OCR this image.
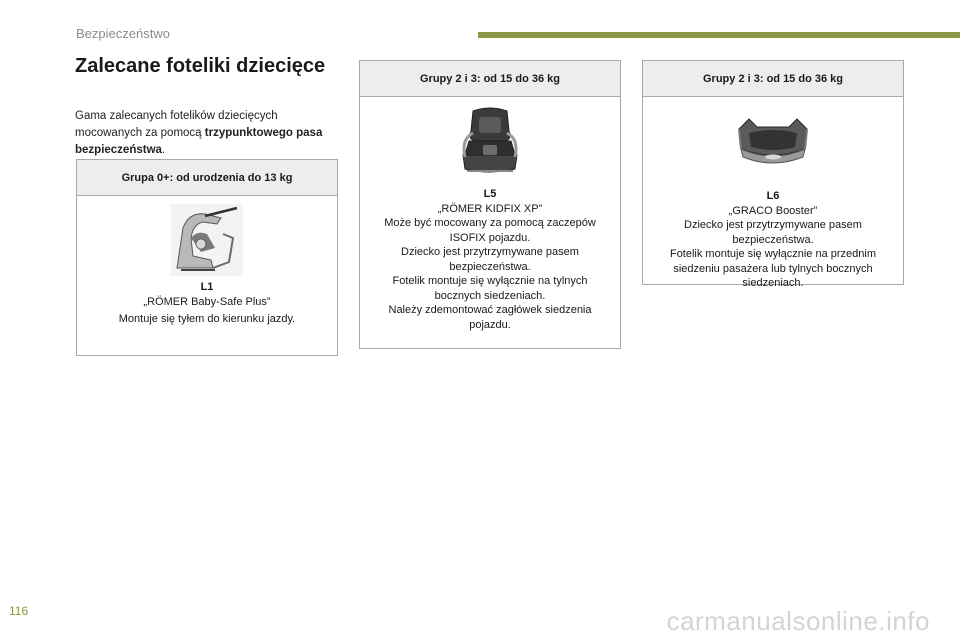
Bezpieczeństwo
Zalecane foteliki dziecięce
Gama zalecanych fotelików dziecięcych mocowanych za pomocą trzypunktowego pasa bezpieczeństwa.
Grupa 0+: od urodzenia do 13 kg
L1
„RÖMER Baby-Safe Plus”
Montuje się tyłem do kierunku jazdy.
Grupy 2 i 3: od 15 do 36 kg
L5
„RÖMER KIDFIX XP”
Może być mocowany za pomocą zaczepów ISOFIX pojazdu.
Dziecko jest przytrzymywane pasem bezpieczeństwa.
Fotelik montuje się wyłącznie na tylnych bocznych siedzeniach.
Należy zdemontować zagłówek siedzenia pojazdu.
Grupy 2 i 3: od 15 do 36 kg
L6
„GRACO Booster”
Dziecko jest przytrzymywane pasem bezpieczeństwa.
Fotelik montuje się wyłącznie na przednim siedzeniu pasażera lub tylnych bocznych siedzeniach.
116	carmanualsonline.info
